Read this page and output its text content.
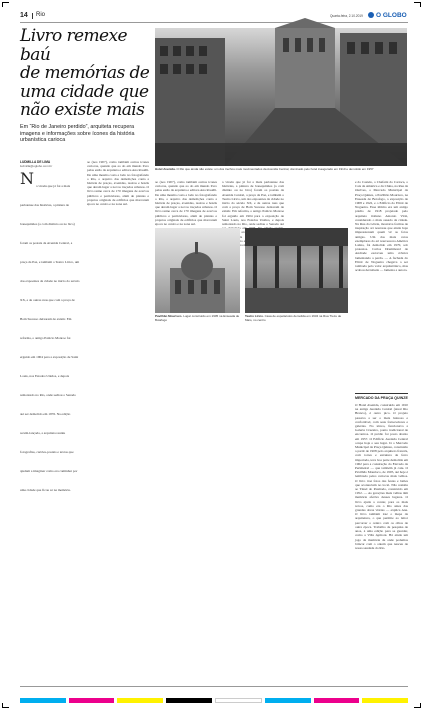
14 Rio	Quarta-feira, 2.10.2019 O GLOBO
Livro remexe baú
de memórias de
uma cidade que
não existe mais
Em “Rio de Janeiro perdido”, arquiteta recupera imagens e informações sobre ícones da história urbanística carioca
LUDMILLA DE LIMA
ludmilla@oglobo.com.br
N a virada que já foi a mais parisiense das histórias, a pintura de bonequinhos (a com distinto ou no bico) foram os postais da Avenida Central, a praça da Paz, e também o Teatro Lírico, um dos expoentes da cidade no início do século XX, e de outras ruas que com a praça de Bom Sucesso deixaram de existir. Em reforma, o antigo Palácio Monroe foi erguido em 1904 para a exposição de Saint Louis, nos Estados Unidos, e depois remontado no Rio, onde sediou o Senado até ser demolido em 1976. Na edição recém-lançada, a arquiteta reuniu fotografias, cartões-postais e textos que ajudam a imaginar como era caminhar por uma cidade que ficou só na memória.
ao (nos 1907), como também outros ícones cariocas, quando que ao do em mundo livro pelas estão da arquiteta e editora Ana Rosélli. De uma mesma costa e lado no fotografando o Rio, o arquivo das demolições conta a história de praças, avenidas, teatros e hotéis que deram lugar a novos traçados urbanos. O livro reúne cerca de 170 imagens de acervos públicos e particulares, além de plantas e projetos originais de edifícios que marcaram época no centro e na zona sul.
Hotel Avenida. O Rio que ainda não existe: um dos trechos mais movimentados da Avenida Central, dominado pelo hotel inaugurado em 1910 e demolido em 1957
ao (nos 1907), como também outros ícones cariocas, quando que ao do em mundo livro pelas estão da arquiteta e editora Ana Rosélli. De uma mesma costa e lado no fotografando o Rio, o arquivo das demolições conta a história de praças, avenidas, teatros e hotéis que deram lugar a novos traçados urbanos. O livro reúne cerca de 170 imagens de acervos públicos e particulares, além de plantas e projetos originais de edifícios que marcaram época no centro e na zona sul.
a virada que já foi a mais parisiense das histórias, a pintura de bonequinhos (a com distinto ou no bico) foram os postais da Avenida Central, a praça da Paz, e também o Teatro Lírico, um dos expoentes da cidade no início do século XX, e de outras ruas que com a praça de Bom Sucesso deixaram de existir. Em reforma, o antigo Palácio Monroe foi erguido em 1904 para a exposição de Saint Louis, nos Estados Unidos, e depois remontado no Rio, onde sediou o Senado até na
Pavilhão Mourisco. Lugar construído em 1905 na Enseada de Botafogo
Teatro Lírico. Casa de espetáculos demolida em 1934 na Rua Treze de Maio, no centro
e do Castelo, o Chafariz do Carioca, o Cais da América e da China, na Rua da Ourives, o Mercado Municipal da Praça Quinze, o Pavilhão Mourisco, na Enseada de Botafogo, a exposição de 1908 e 1922, e o Edifício do Elixir de Nogueira. Esse último era um antigo prédio de 1918 projetado pelo arquiteto italiano Antonio Virzi, considerado o mais ousado da cidade. Na Rua da Glória, mostrava formas de inspiração art nouveau que ainda hoje impressionam quem vê as fotos antigas. Um dos mais caros exemplares do art nouveau na América Latina, foi demolido em 1970, sob protestos. Carlos Drummond de Andrade escreveu uma crônica lamentando a perda. — A fachada do Elixir de Nogueira chegava a ser tombada pelo valor arquitetônico, mas acabou derrubada — lamenta a autora.
MERCADO DA PRAÇA QUINZE
O Hotel Avenida, construído em 1910 na antiga Avenida Central (atual Rio Branco), é outro pico. O projeto passava a ser o mais luxuoso e confortável, com seus fornecedores e galerias. No térreo, funcionava a Galeria Cruzeiro, ponto tradicional de encontros. O prédio foi posto abaixo em 1957. O Edifício Avenida Central ocupa hoje o seu lugar. Já o Mercado Municipal da Praça Quinze, construído a partir de 1908 pelo arquiteto francês, com torres e estrutura de ferro importada, teve boa parte demolida em 1962 para a construção do Elevado da Perimetral — que também já caiu. O Pavilhão Mourisco, de 1905, até hoje é lembrado pelos cariocas mais velhos. O livro traz fotos das festas e bailes que aconteciam no local. Não resistiu ao Túnel do Pasmado, construído em 1952. — As gerações mais velhas têm memória afetiva desses lugares. O livro ajuda a contar, para os mais novos, como era o Rio antes das grandes obras viárias — explica Ana. O livro também traz o mapa da arquitetura, o que permite ao leitor percorrer o centro com os olhos de outra época. Trabalho de pesquisa de anos, é uma edição para se guardar, como a Villa Aymoré. Há ainda um jogo da memória de onde podemos brincar com o ontem que nasceu de nossa saudade do Rio.
